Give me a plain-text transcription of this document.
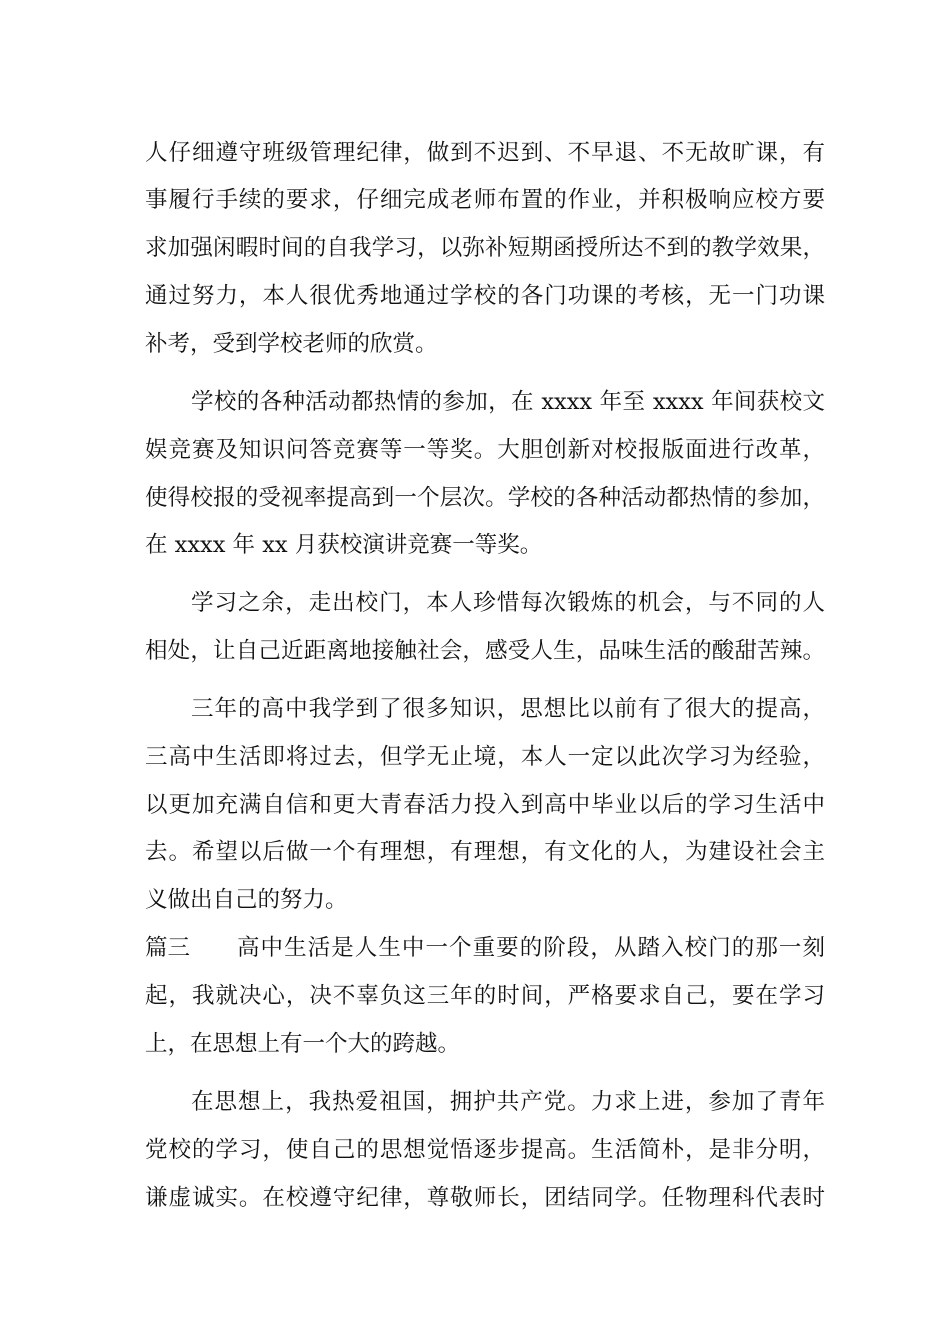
人仔细遵守班级管理纪律，做到不迟到、不早退、不无故旷课，有
事履行手续的要求，仔细完成老师布置的作业，并积极响应校方要
求加强闲暇时间的自我学习，以弥补短期函授所达不到的教学效果，
通过努力，本人很优秀地通过学校的各门功课的考核，无一门功课
补考，受到学校老师的欣赏。
学校的各种活动都热情的参加，在 xxxx 年至 xxxx 年间获校文
娱竞赛及知识问答竞赛等一等奖。大胆创新对校报版面进行改革，
使得校报的受视率提高到一个层次。学校的各种活动都热情的参加，
在 xxxx 年 xx 月获校演讲竞赛一等奖。
学习之余，走出校门，本人珍惜每次锻炼的机会，与不同的人
相处，让自己近距离地接触社会，感受人生，品味生活的酸甜苦辣。
三年的高中我学到了很多知识，思想比以前有了很大的提高，
三高中生活即将过去，但学无止境，本人一定以此次学习为经验，
以更加充满自信和更大青春活力投入到高中毕业以后的学习生活中
去。希望以后做一个有理想，有理想，有文化的人，为建设社会主
义做出自己的努力。
篇三	高中生活是人生中一个重要的阶段，从踏入校门的那一刻
起，我就决心，决不辜负这三年的时间，严格要求自己，要在学习
上，在思想上有一个大的跨越。
在思想上，我热爱祖国，拥护共产党。力求上进，参加了青年
党校的学习，使自己的思想觉悟逐步提高。生活简朴，是非分明，
谦虚诚实。在校遵守纪律，尊敬师长，团结同学。任物理科代表时
